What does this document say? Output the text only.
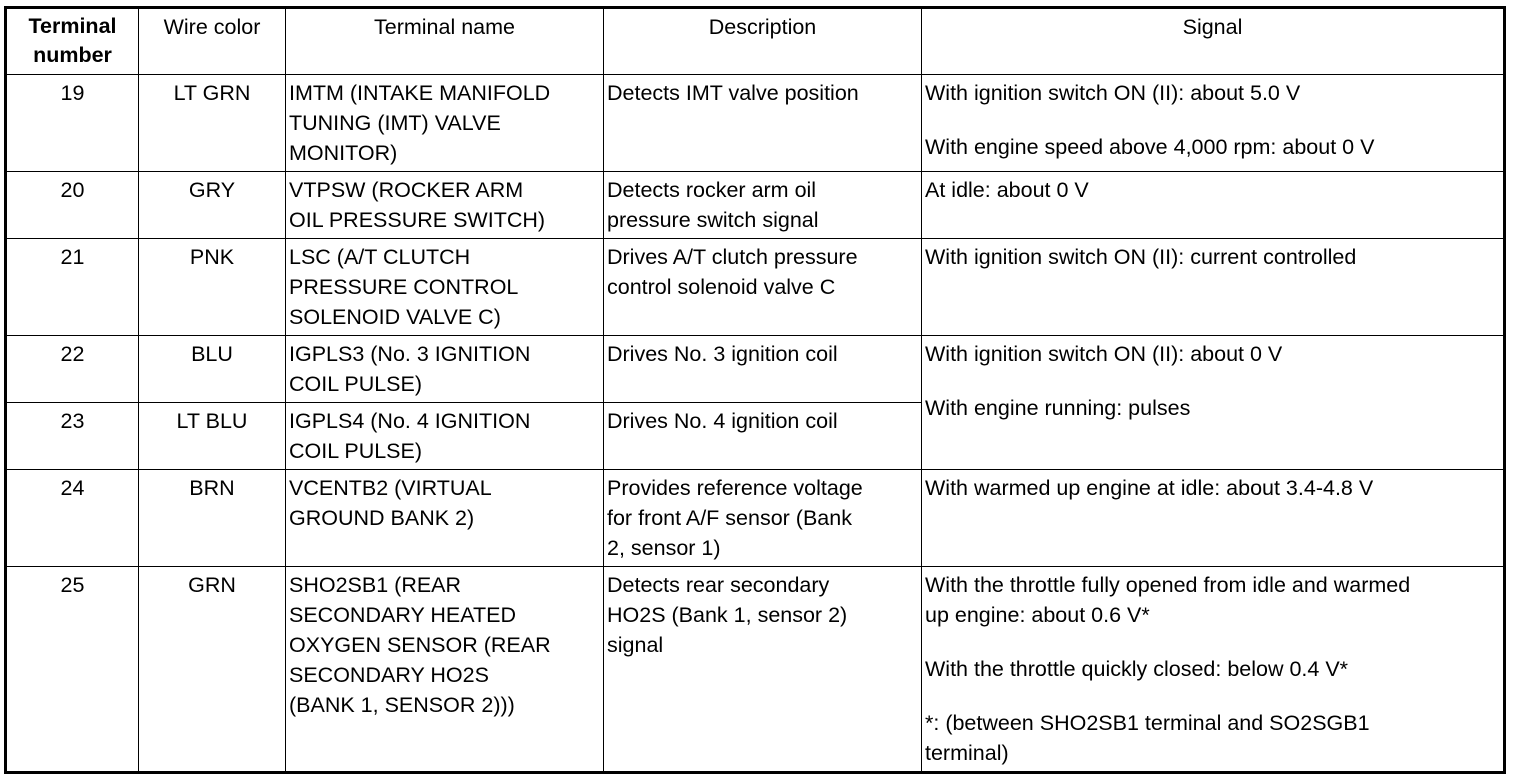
Terminal
number	Wire color	Terminal name	Description	Signal

19	LT GRN	IMTM (INTAKE MANIFOLD
TUNING (IMT) VALVE
MONITOR)	Detects IMT valve position	With ignition switch ON (II): about 5.0 V
With engine speed above 4,000 rpm: about 0 V

20	GRY	VTPSW (ROCKER ARM
OIL PRESSURE SWITCH)	Detects rocker arm oil
pressure switch signal	At idle: about 0 V

21	PNK	LSC (A/T CLUTCH
PRESSURE CONTROL
SOLENOID VALVE C)	Drives A/T clutch pressure
control solenoid valve C	With ignition switch ON (II): current controlled

22	BLU	IGPLS3 (No. 3 IGNITION
COIL PULSE)	Drives No. 3 ignition coil	With ignition switch ON (II): about 0 V
With engine running: pulses

23	LT BLU	IGPLS4 (No. 4 IGNITION
COIL PULSE)	Drives No. 4 ignition coil	

24	BRN	VCENTB2 (VIRTUAL
GROUND BANK 2)	Provides reference voltage
for front A/F sensor (Bank
2, sensor 1)	With warmed up engine at idle: about 3.4-4.8 V

25	GRN	SHO2SB1 (REAR
SECONDARY HEATED
OXYGEN SENSOR (REAR
SECONDARY HO2S
(BANK 1, SENSOR 2)))	Detects rear secondary
HO2S (Bank 1, sensor 2)
signal	With the throttle fully opened from idle and warmed
up engine: about 0.6 V*
With the throttle quickly closed: below 0.4 V*
*: (between SHO2SB1 terminal and SO2SGB1
terminal)
